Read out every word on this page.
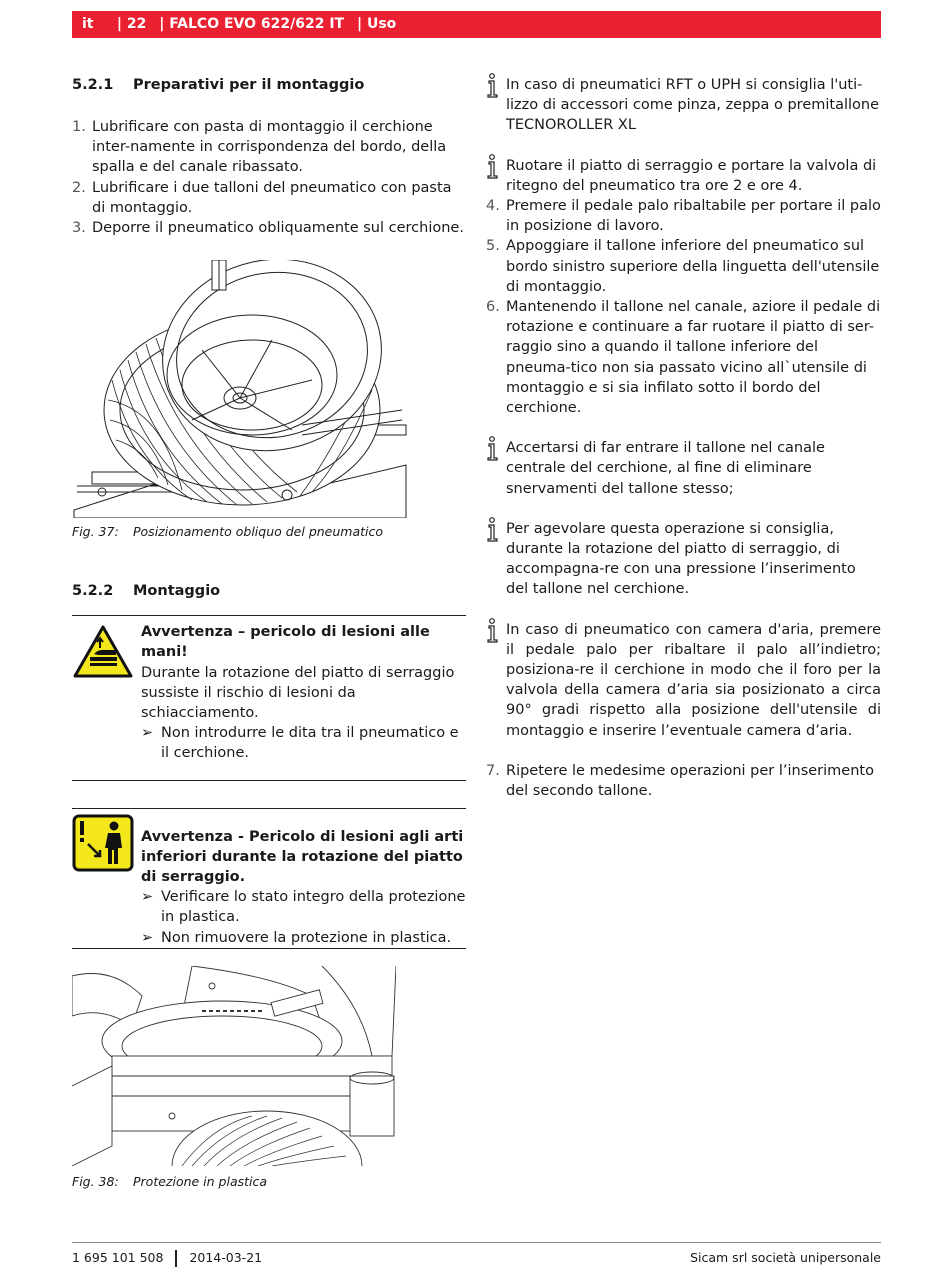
it | 22 | FALCO EVO 622/622 IT | Uso
5.2.1	Preparativi per il montaggio
1. Lubrificare con pasta di montaggio il cerchione inter-namente in corrispondenza del bordo, della spalla e del canale ribassato.
2. Lubrificare i due talloni del pneumatico con pasta di montaggio.
3. Deporre il pneumatico obliquamente sul cerchione.
Fig. 37:	Posizionamento obliquo del pneumatico
5.2.2	Montaggio
Avvertenza – pericolo di lesioni alle mani!
Durante la rotazione del piatto di serraggio sussiste il rischio di lesioni da schiacciamento.
➢ Non introdurre le dita tra il pneumatico e il cerchione.
Avvertenza - Pericolo di lesioni agli arti inferiori durante la rotazione del piatto di serraggio.
➢ Verificare lo stato integro della protezione in plastica.
➢ Non rimuovere la protezione in plastica.
Fig. 38:	Protezione in plastica
In caso di pneumatici RFT o UPH si consiglia l'uti-lizzo di accessori come pinza, zeppa o premitallone TECNOROLLER XL
Ruotare il piatto di serraggio e portare la valvola di ritegno del pneumatico tra ore 2 e ore 4.
4. Premere il pedale palo ribaltabile per portare il palo in posizione di lavoro.
5. Appoggiare il tallone inferiore del pneumatico sul bordo sinistro superiore della linguetta dell'utensile di montaggio.
6. Mantenendo il tallone nel canale, aziore il pedale di rotazione e continuare a far ruotare il piatto di ser-raggio sino a quando il tallone inferiore del pneuma-tico non sia passato vicino all`utensile di montaggio e si sia infilato sotto il bordo del cerchione.
Accertarsi di far entrare il tallone nel canale centrale del cerchione, al fine di eliminare snervamenti del tallone stesso;
Per agevolare questa operazione si consiglia, durante la rotazione del piatto di serraggio, di accompagna-re con una pressione l’inserimento del tallone nel cerchione.
In caso di pneumatico con camera d'aria, premere il pedale palo per ribaltare il palo all’indietro; posiziona-re il cerchione in modo che il foro per la valvola della camera d’aria sia posizionato a circa 90° gradi rispetto alla posizione dell'utensile di montaggio e inserire l’eventuale camera d’aria.
7. Ripetere le medesime operazioni per l’inserimento del secondo tallone.
1 695 101 508 2014-03-21	Sicam srl società unipersonale
